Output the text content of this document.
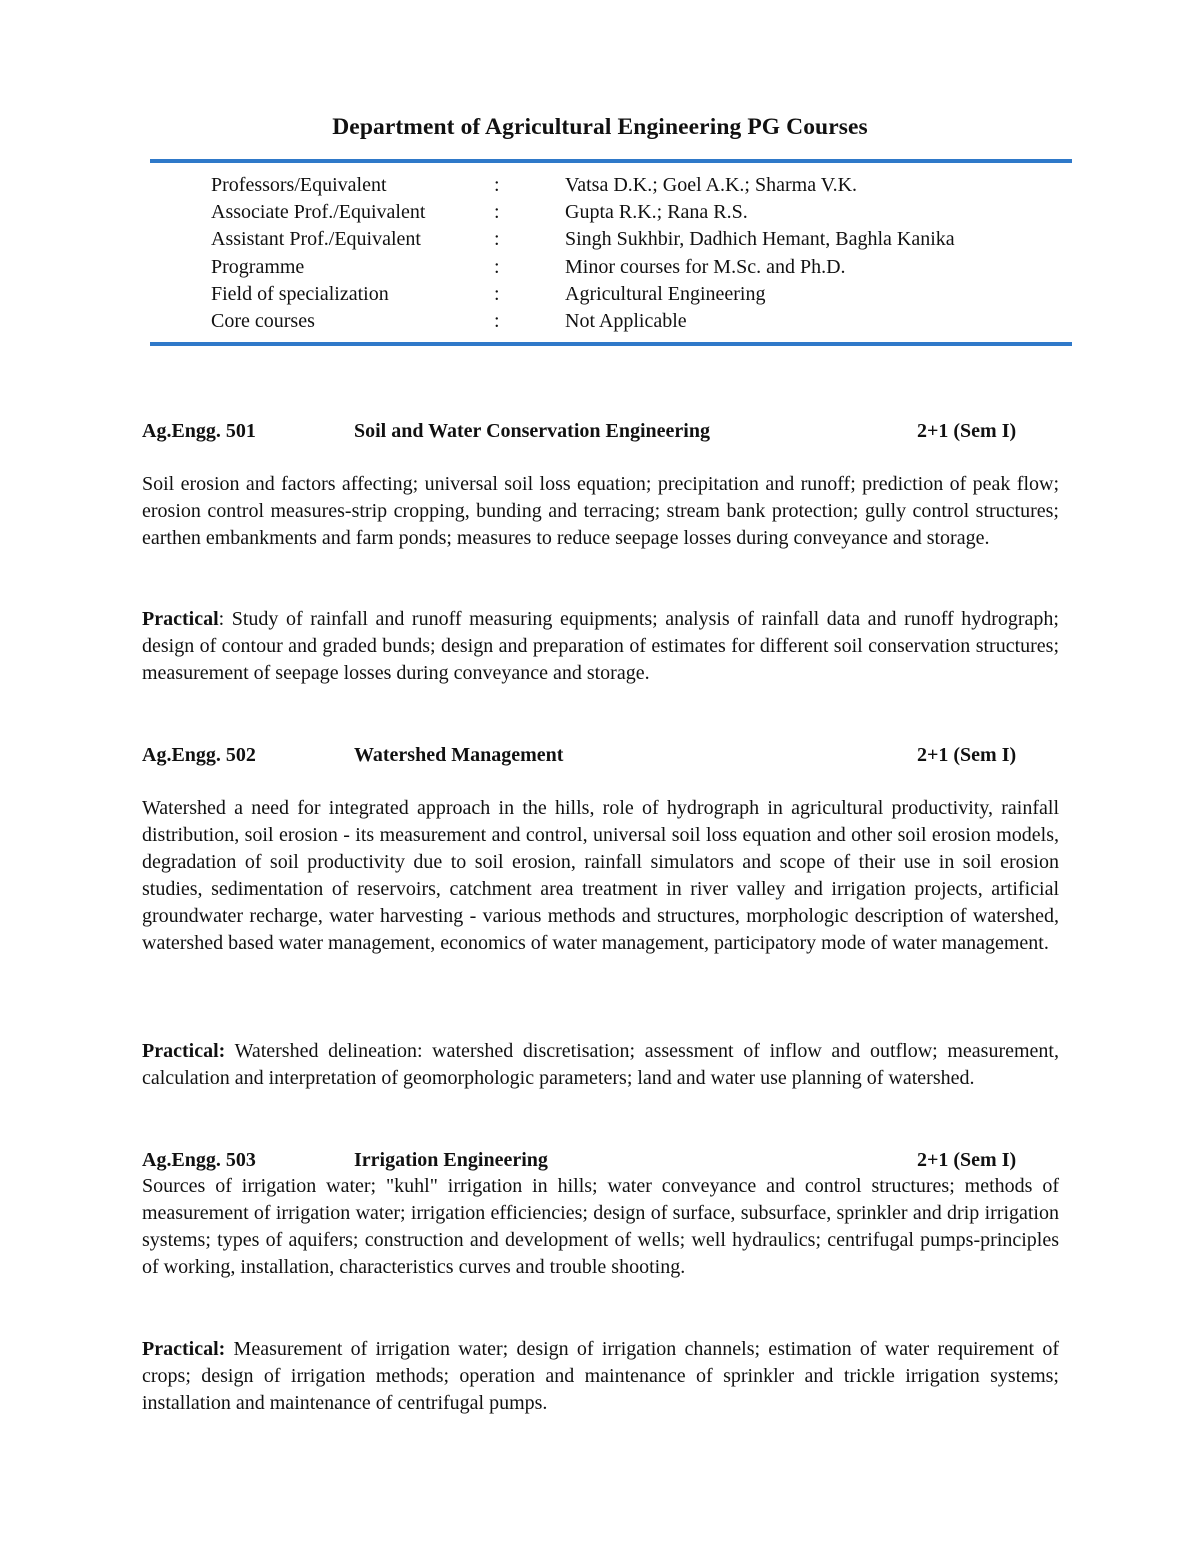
Department of Agricultural Engineering PG Courses
Professors/Equivalent	:	Vatsa D.K.; Goel A.K.; Sharma V.K.
Associate Prof./Equivalent	:	Gupta R.K.; Rana R.S.
Assistant Prof./Equivalent	:	Singh Sukhbir, Dadhich Hemant, Baghla Kanika
Programme	:	Minor courses for M.Sc. and Ph.D.
Field of specialization	:	Agricultural Engineering
Core courses	:	Not Applicable
Ag.Engg. 501	Soil and Water Conservation Engineering	2+1 (Sem I)

Soil erosion and factors affecting; universal soil loss equation; precipitation and runoff; prediction of peak flow; erosion control measures-strip cropping, bunding and terracing; stream bank protection; gully control structures; earthen embankments and farm ponds; measures to reduce seepage losses during conveyance and storage.

Practical: Study of rainfall and runoff measuring equipments; analysis of rainfall data and runoff hydrograph; design of contour and graded bunds; design and preparation of estimates for different soil conservation structures; measurement of seepage losses during conveyance and storage.

Ag.Engg. 502	Watershed Management	2+1 (Sem I)

Watershed a need for integrated approach in the hills, role of hydrograph in agricultural productivity, rainfall distribution, soil erosion - its measurement and control, universal soil loss equation and other soil erosion models, degradation of soil productivity due to soil erosion, rainfall simulators and scope of their use in soil erosion studies, sedimentation of reservoirs, catchment area treatment in river valley and irrigation projects, artificial groundwater recharge, water harvesting - various methods and structures, morphologic description of watershed, watershed based water management, economics of water management, participatory mode of water management.

Practical: Watershed delineation: watershed discretisation; assessment of inflow and outflow; measurement, calculation and interpretation of geomorphologic parameters; land and water use planning of watershed.

Ag.Engg. 503	Irrigation Engineering	2+1 (Sem I)

Sources of irrigation water; "kuhl" irrigation in hills; water conveyance and control structures; methods of measurement of irrigation water; irrigation efficiencies; design of surface, subsurface, sprinkler and drip irrigation systems; types of aquifers; construction and development of wells; well hydraulics; centrifugal pumps-principles of working, installation, characteristics curves and trouble shooting.

Practical: Measurement of irrigation water; design of irrigation channels; estimation of water requirement of crops; design of irrigation methods; operation and maintenance of sprinkler and trickle irrigation systems; installation and maintenance of centrifugal pumps.
